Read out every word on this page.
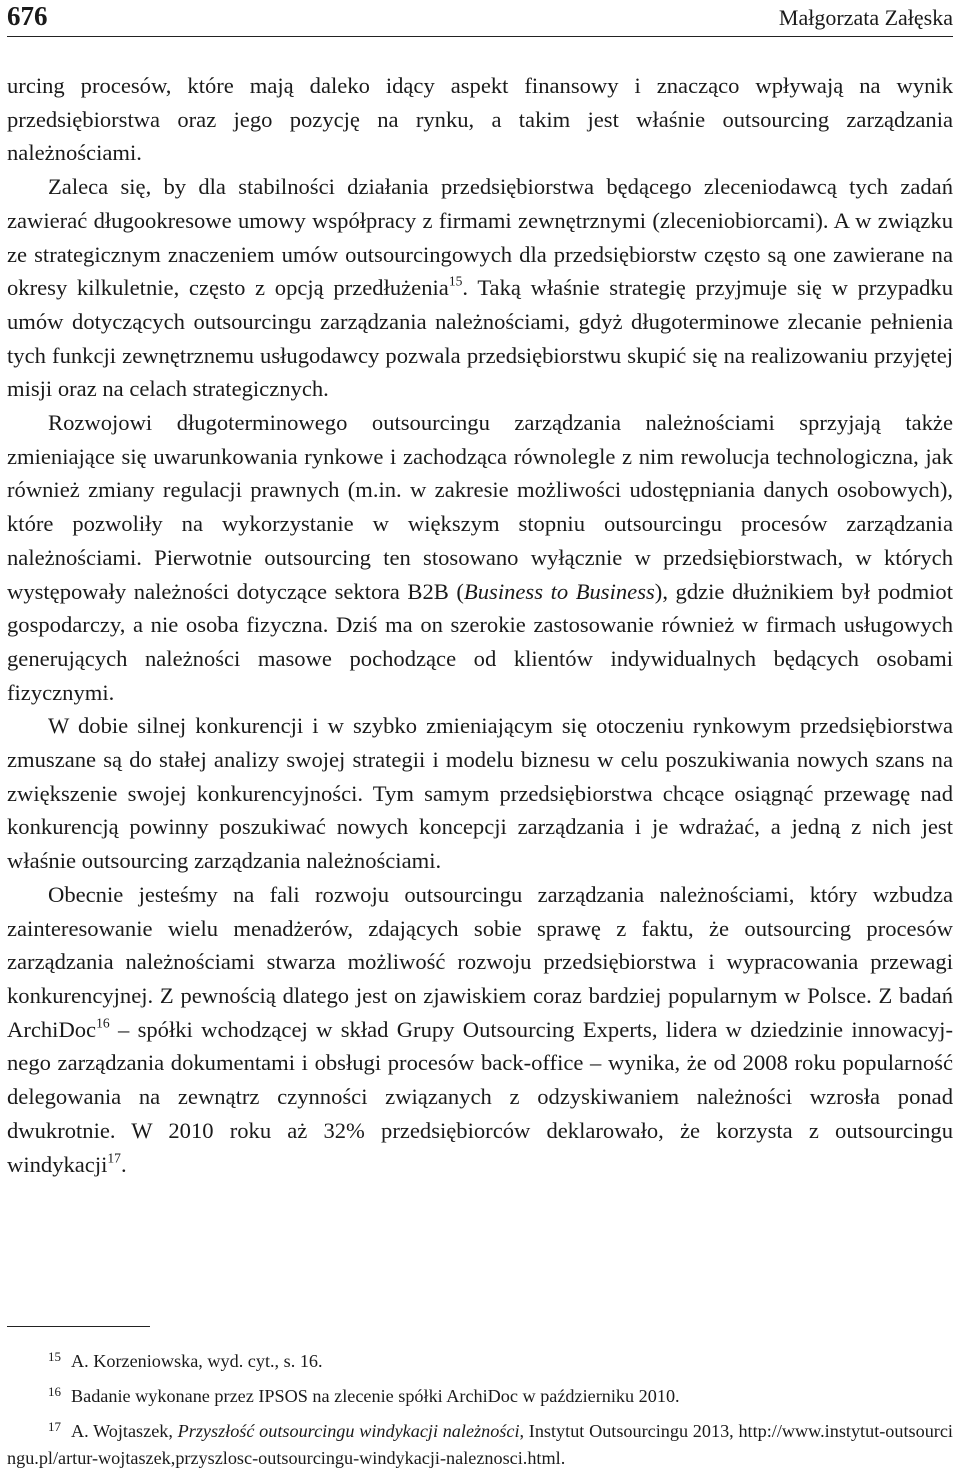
676	Małgorzata Załęska

urcing procesów, które mają daleko idący aspekt finansowy i znacząco wpływają na wynik przedsiębiorstwa oraz jego pozycję na rynku, a takim jest właśnie outsourcing zarządzania należnościami.

Zaleca się, by dla stabilności działania przedsiębiorstwa będącego zleceniodawcą tych zadań zawierać długookresowe umowy współpracy z firmami zewnętrznymi (zleceniobiorcami). A w związku ze strategicznym znaczeniem umów outsourcingowych dla przedsiębiorstw często są one zawierane na okresy kilkuletnie, często z opcją przedłużenia$^{15}$. Taką właśnie strategię przyjmuje się w przypadku umów dotyczących outsourcingu zarządzania należnościami, gdyż długoterminowe zlecanie pełnienia tych funkcji zewnętrznemu usługodawcy pozwala przedsiębiorstwu skupić się na realizowaniu przyjętej misji oraz na celach strategicznych.

Rozwojowi długoterminowego outsourcingu zarządzania należnościami sprzyjają także zmieniające się uwarunkowania rynkowe i zachodząca równolegle z nim rewolucja technologiczna, jak również zmiany regulacji prawnych (m.in. w zakresie możliwości udostępniania danych osobowych), które pozwoliły na wykorzystanie w większym stopniu outsourcingu procesów zarządzania należnościami. Pierwotnie outsourcing ten stosowano wyłącznie w przedsiębiorstwach, w których występowały należności dotyczące sektora B2B (Business to Business), gdzie dłużnikiem był podmiot gospodarczy, a nie osoba fizyczna. Dziś ma on szerokie zastosowanie również w firmach usługowych generujących należności masowe pochodzące od klientów indywidualnych będących osobami fizycznymi.

W dobie silnej konkurencji i w szybko zmieniającym się otoczeniu rynkowym przedsiębiorstwa zmuszane są do stałej analizy swojej strategii i modelu biznesu w celu poszukiwania nowych szans na zwiększenie swojej konkurencyjności. Tym samym przedsiębiorstwa chcące osiągnąć przewagę nad konkurencją powinny poszukiwać nowych koncepcji zarządzania i je wdrażać, a jedną z nich jest właśnie outsourcing zarządzania należnościami.

Obecnie jesteśmy na fali rozwoju outsourcingu zarządzania należnościami, który wzbudza zainteresowanie wielu menadżerów, zdających sobie sprawę z faktu, że outsourcing procesów zarządzania należnościami stwarza możliwość rozwoju przedsiębiorstwa i wypracowania przewagi konkurencyjnej. Z pewnością dlatego jest on zjawiskiem coraz bardziej popularnym w Polsce. Z badań ArchiDoc$^{16}$ – spółki wchodzącej w skład Grupy Outsourcing Experts, lidera w dziedzinie innowacyjnego zarządzania dokumentami i obsługi procesów back-office – wynika, że od 2008 roku popularność delegowania na zewnątrz czynności związanych z odzyskiwaniem należności wzrosła ponad dwukrotnie. W 2010 roku aż 32% przedsiębiorców deklarowało, że korzysta z outsourcingu windykacji$^{17}$.

$^{15}$ A. Korzeniowska, wyd. cyt., s. 16.

$^{16}$ Badanie wykonane przez IPSOS na zlecenie spółki ArchiDoc w październiku 2010.

$^{17}$ A. Wojtaszek, Przyszłość outsourcingu windykacji należności, Instytut Outsourcingu 2013, http://www.instytut-outsourcingu.pl/artur-wojtaszek,przyszlosc-outsourcingu-windykacji-naleznosci.html.
